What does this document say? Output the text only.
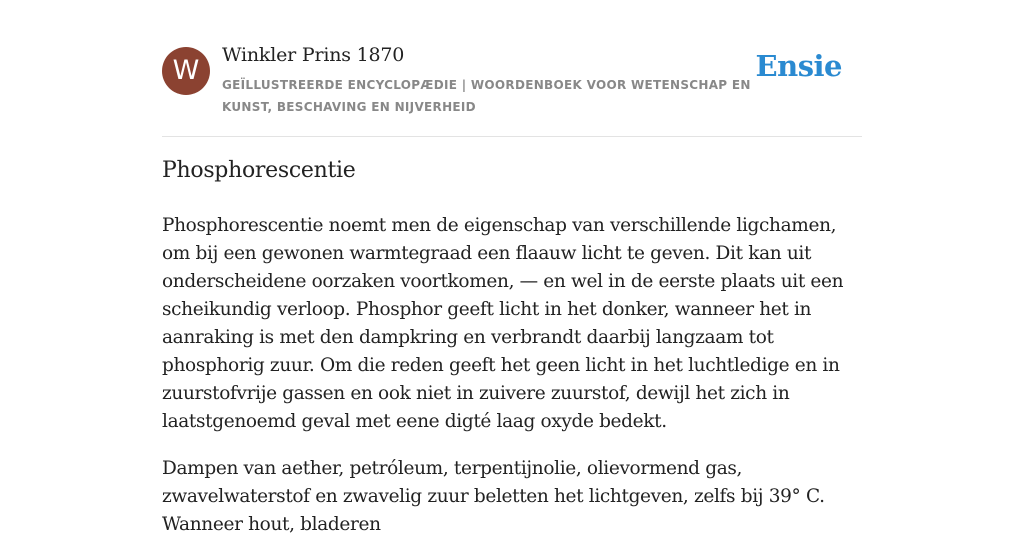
W	Winkler Prins 1870
GEÏLLUSTREERDE ENCYCLOPÆDIE | WOORDENBOEK VOOR WETENSCHAP EN KUNST, BESCHAVING EN NIJVERHEID
Ensie
Phosphorescentie

Phosphorescentie noemt men de eigenschap van verschillende ligchamen, om bij een gewonen warmtegraad een flaauw licht te geven. Dit kan uit onderscheidene oorzaken voortkomen, — en wel in de eerste plaats uit een scheikundig verloop. Phosphor geeft licht in het donker, wanneer het in aanraking is met den dampkring en verbrandt daarbij langzaam tot phosphorig zuur. Om die reden geeft het geen licht in het luchtledige en in zuurstofvrije gassen en ook niet in zuivere zuurstof, dewijl het zich in laatstgenoemd geval met eene digté laag oxyde bedekt.

Dampen van aether, petróleum, terpentijnolie, olievormend gas, zwavelwaterstof en zwavelig zuur beletten het lichtgeven, zelfs bij 39° C. Wanneer hout, bladeren
